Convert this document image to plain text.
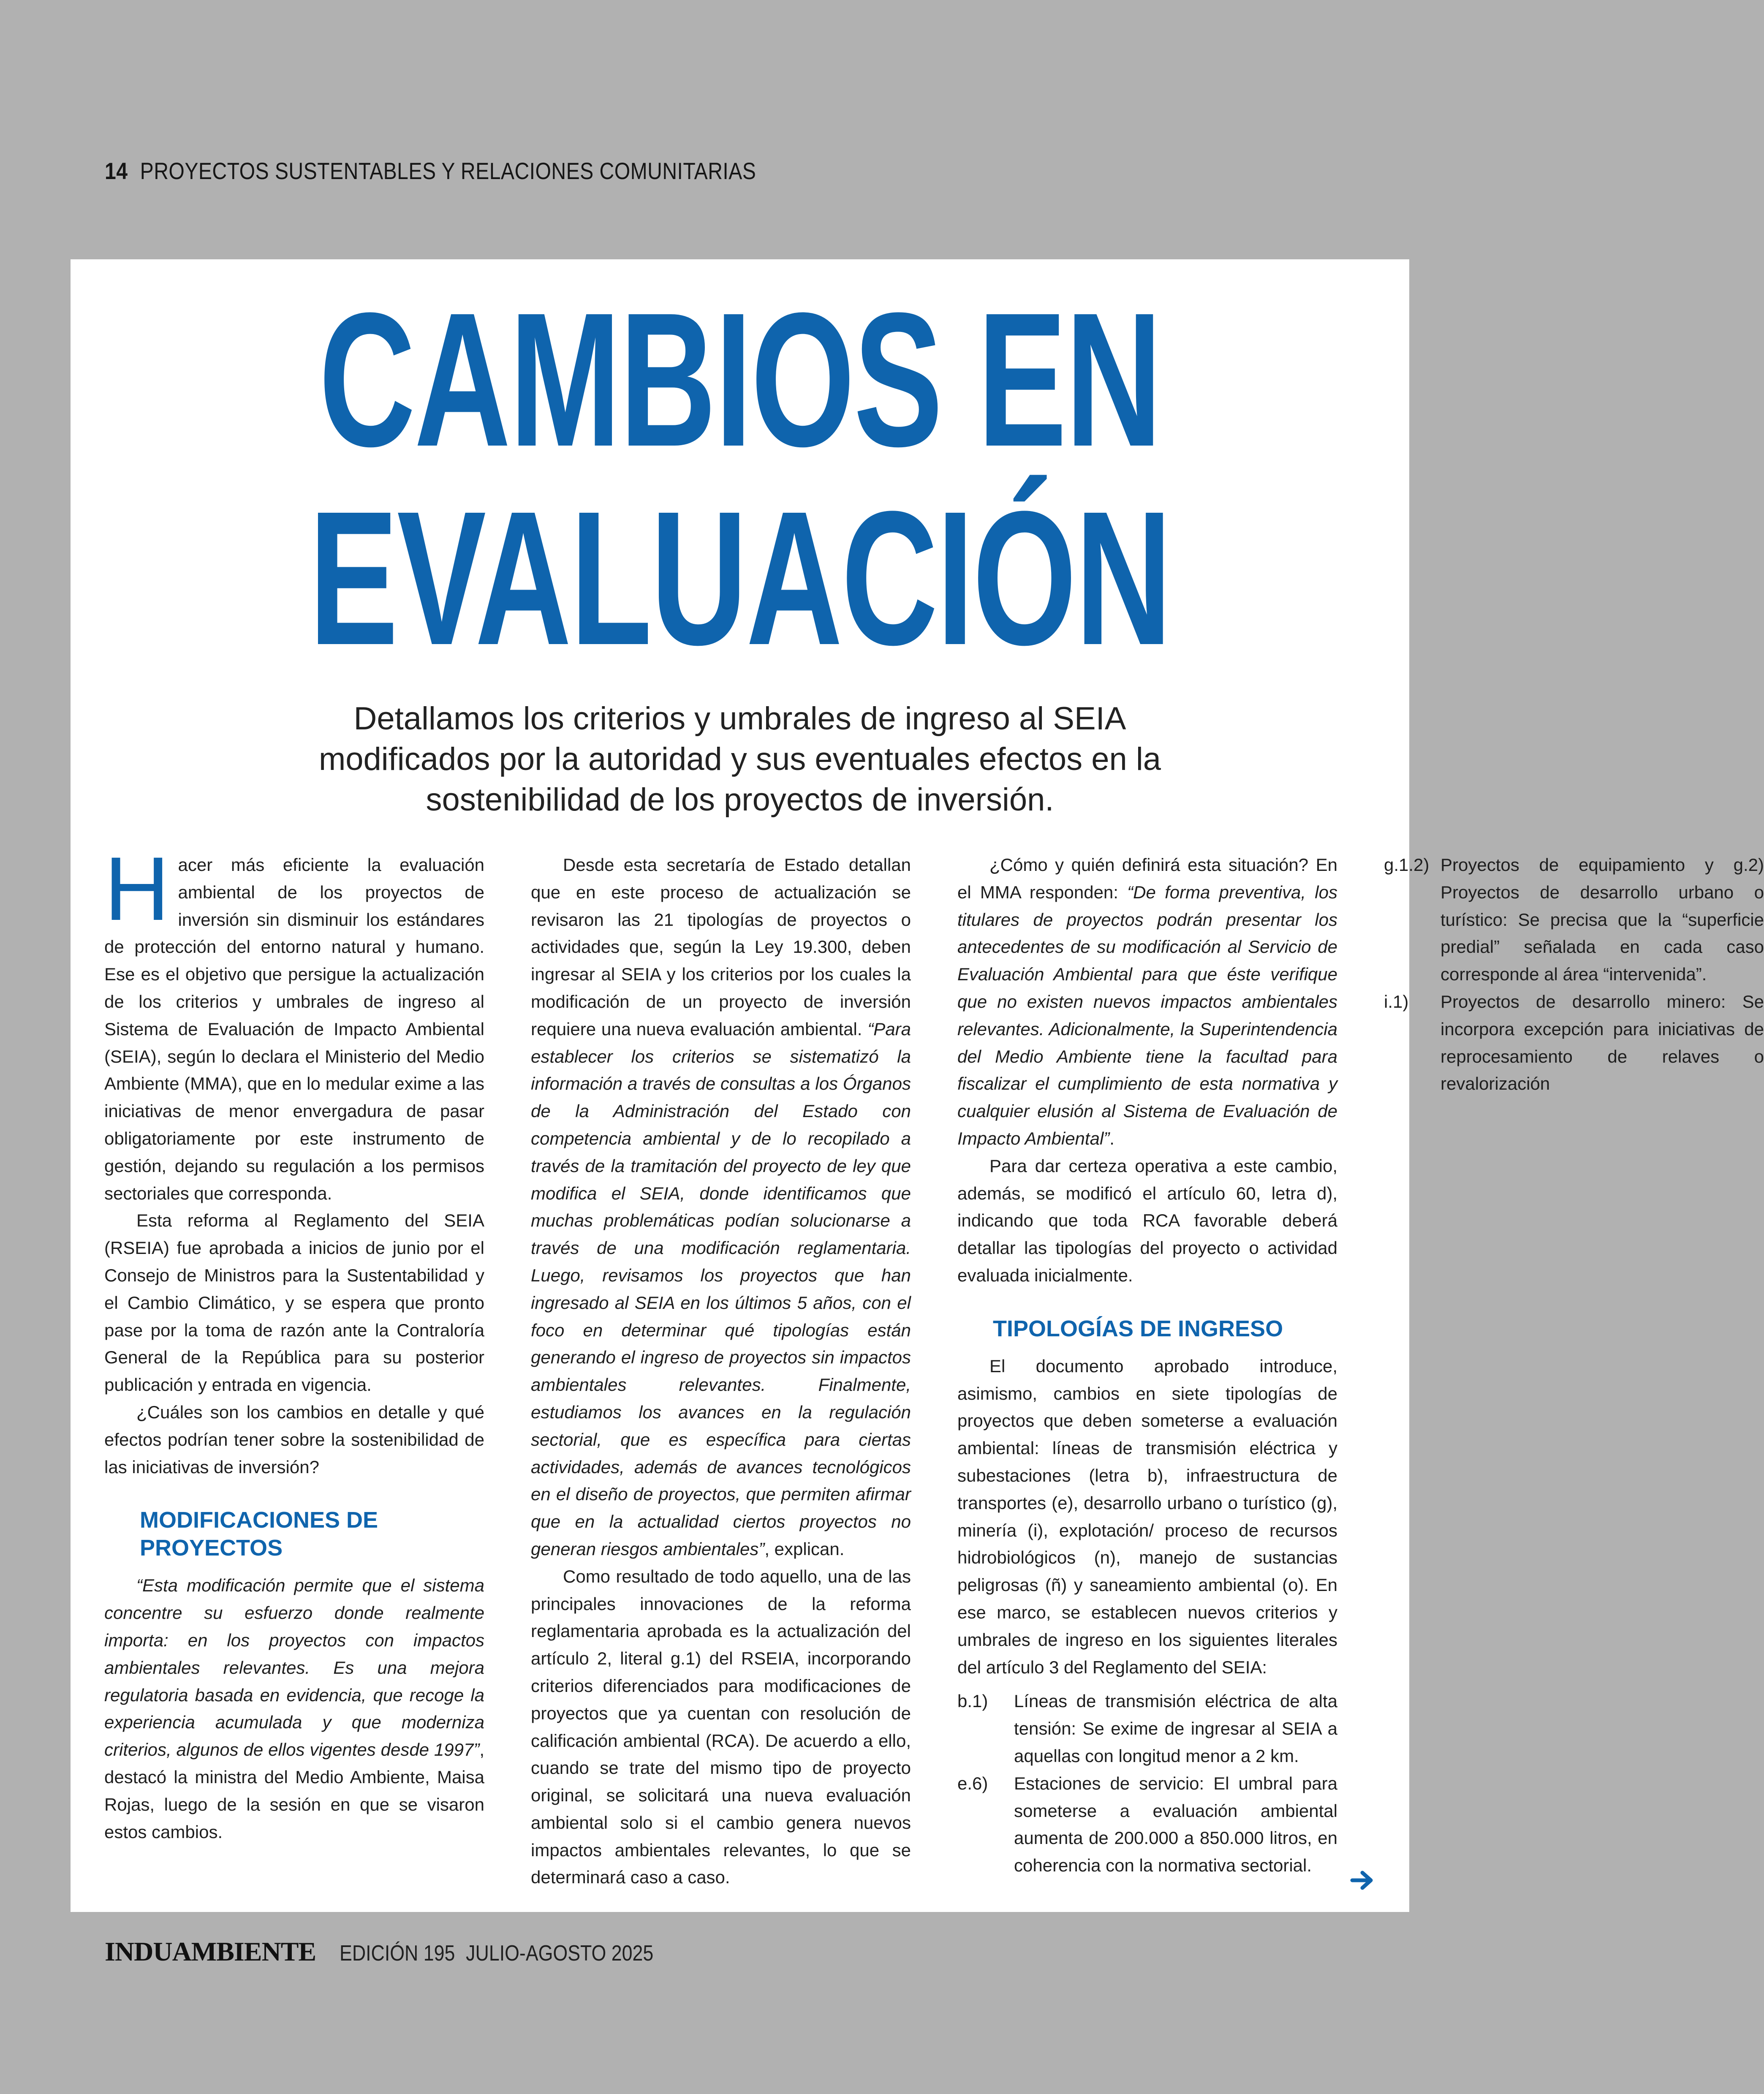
14 PROYECTOS SUSTENTABLES Y RELACIONES COMUNITARIAS
CAMBIOS EN
EVALUACIÓN
Detallamos los criterios y umbrales de ingreso al SEIA modificados por la autoridad y sus eventuales efectos en la sostenibilidad de los proyectos de inversión.

Hacer más eficiente la evaluación ambiental de los proyectos de inversión sin disminuir los estándares de protección del entorno natural y humano. Ese es el objetivo que persigue la actualización de los criterios y umbrales de ingreso al Sistema de Evaluación de Impacto Ambiental (SEIA), según lo declara el Ministerio del Medio Ambiente (MMA), que en lo medular exime a las iniciativas de menor envergadura de pasar obligatoriamente por este instrumento de gestión, dejando su regulación a los permisos sectoriales que corresponda.

Esta reforma al Reglamento del SEIA (RSEIA) fue aprobada a inicios de junio por el Consejo de Ministros para la Sustentabilidad y el Cambio Climático, y se espera que pronto pase por la toma de razón ante la Contraloría General de la República para su posterior publicación y entrada en vigencia.

¿Cuáles son los cambios en detalle y qué efectos podrían tener sobre la sostenibilidad de las iniciativas de inversión?

MODIFICACIONES DE PROYECTOS

“Esta modificación permite que el sistema concentre su esfuerzo donde realmente importa: en los proyectos con impactos ambientales relevantes. Es una mejora regulatoria basada en evidencia, que recoge la experiencia acumulada y que moderniza criterios, algunos de ellos vigentes desde 1997”, destacó la ministra del Medio Ambiente, Maisa Rojas, luego de la sesión en que se visaron estos cambios.

Desde esta secretaría de Estado detallan que en este proceso de actualización se revisaron las 21 tipologías de proyectos o actividades que, según la Ley 19.300, deben ingresar al SEIA y los criterios por los cuales la modificación de un proyecto de inversión requiere una nueva evaluación ambiental. “Para establecer los criterios se sistematizó la información a través de consultas a los Órganos de la Administración del Estado con competencia ambiental y de lo recopilado a través de la tramitación del proyecto de ley que modifica el SEIA, donde identificamos que muchas problemáticas podían solucionarse a través de una modificación reglamentaria. Luego, revisamos los proyectos que han ingresado al SEIA en los últimos 5 años, con el foco en determinar qué tipologías están generando el ingreso de proyectos sin impactos ambientales relevantes. Finalmente, estudiamos los avances en la regulación sectorial, que es específica para ciertas actividades, además de avances tecnológicos en el diseño de proyectos, que permiten afirmar que en la actualidad ciertos proyectos no generan riesgos ambientales”, explican.

Como resultado de todo aquello, una de las principales innovaciones de la reforma reglamentaria aprobada es la actualización del artículo 2, literal g.1) del RSEIA, incorporando criterios diferenciados para modificaciones de proyectos que ya cuentan con resolución de calificación ambiental (RCA). De acuerdo a ello, cuando se trate del mismo tipo de proyecto original, se solicitará una nueva evaluación ambiental solo si el cambio genera nuevos impactos ambientales relevantes, lo que se determinará caso a caso.

¿Cómo y quién definirá esta situación? En el MMA responden: “De forma preventiva, los titulares de proyectos podrán presentar los antecedentes de su modificación al Servicio de Evaluación Ambiental para que éste verifique que no existen nuevos impactos ambientales relevantes. Adicionalmente, la Superintendencia del Medio Ambiente tiene la facultad para fiscalizar el cumplimiento de esta normativa y cualquier elusión al Sistema de Evaluación de Impacto Ambiental”.

Para dar certeza operativa a este cambio, además, se modificó el artículo 60, letra d), indicando que toda RCA favorable deberá detallar las tipologías del proyecto o actividad evaluada inicialmente.

TIPOLOGÍAS DE INGRESO

El documento aprobado introduce, asimismo, cambios en siete tipologías de proyectos que deben someterse a evaluación ambiental: líneas de transmisión eléctrica y subestaciones (letra b), infraestructura de transportes (e), desarrollo urbano o turístico (g), minería (i), explotación/ proceso de recursos hidrobiológicos (n), manejo de sustancias peligrosas (ñ) y saneamiento ambiental (o). En ese marco, se establecen nuevos criterios y umbrales de ingreso en los siguientes literales del artículo 3 del Reglamento del SEIA:

b.1)	Líneas de transmisión eléctrica de alta tensión: Se exime de ingresar al SEIA a aquellas con longitud menor a 2 km.
e.6)	Estaciones de servicio: El umbral para someterse a evaluación ambiental aumenta de 200.000 a 850.000 litros, en coherencia con la normativa sectorial.
g.1.2) Proyectos de equipamiento y g.2) Proyectos de desarrollo urbano o turístico: Se precisa que la “superficie predial” señalada en cada caso corresponde al área “intervenida”.
i.1)	Proyectos de desarrollo minero: Se incorpora excepción para iniciativas de reprocesamiento de relaves o revalorización
INDUAMBIENTE EDICIÓN 195 JULIO-AGOSTO 2025
